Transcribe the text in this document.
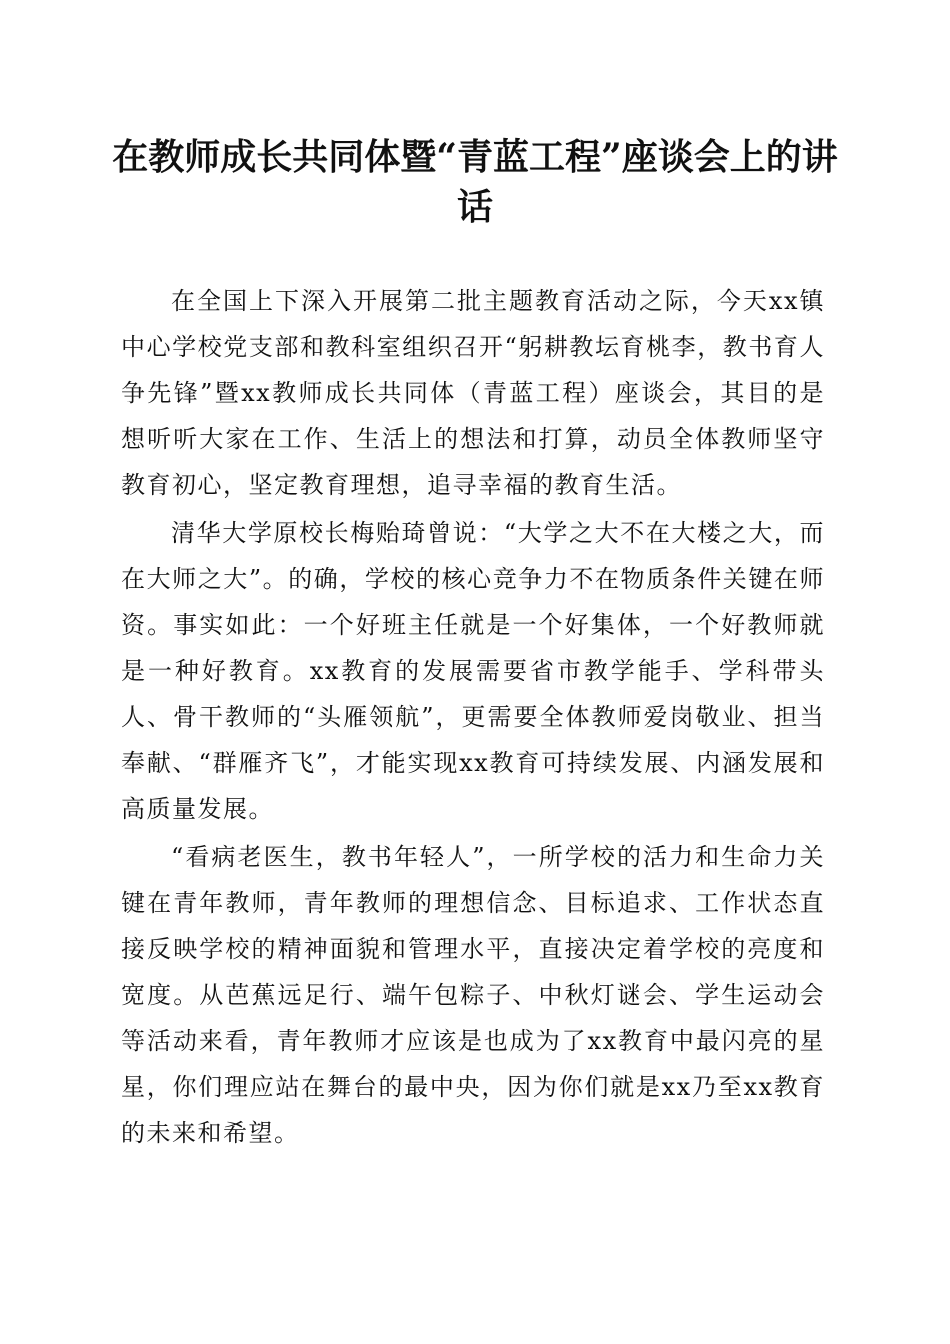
在教师成长共同体暨“青蓝工程”座谈会上的讲话

在全国上下深入开展第二批主题教育活动之际，今天xx镇中心学校党支部和教科室组织召开“躬耕教坛育桃李，教书育人争先锋”暨xx教师成长共同体（青蓝工程）座谈会，其目的是想听听大家在工作、生活上的想法和打算，动员全体教师坚守教育初心，坚定教育理想，追寻幸福的教育生活。

清华大学原校长梅贻琦曾说：“大学之大不在大楼之大，而在大师之大”。的确，学校的核心竞争力不在物质条件关键在师资。事实如此：一个好班主任就是一个好集体，一个好教师就是一种好教育。xx教育的发展需要省市教学能手、学科带头人、骨干教师的“头雁领航”，更需要全体教师爱岗敬业、担当奉献、“群雁齐飞”，才能实现xx教育可持续发展、内涵发展和高质量发展。

“看病老医生，教书年轻人”，一所学校的活力和生命力关键在青年教师，青年教师的理想信念、目标追求、工作状态直接反映学校的精神面貌和管理水平，直接决定着学校的亮度和宽度。从芭蕉远足行、端午包粽子、中秋灯谜会、学生运动会等活动来看，青年教师才应该是也成为了xx教育中最闪亮的星星，你们理应站在舞台的最中央，因为你们就是xx乃至xx教育的未来和希望。
